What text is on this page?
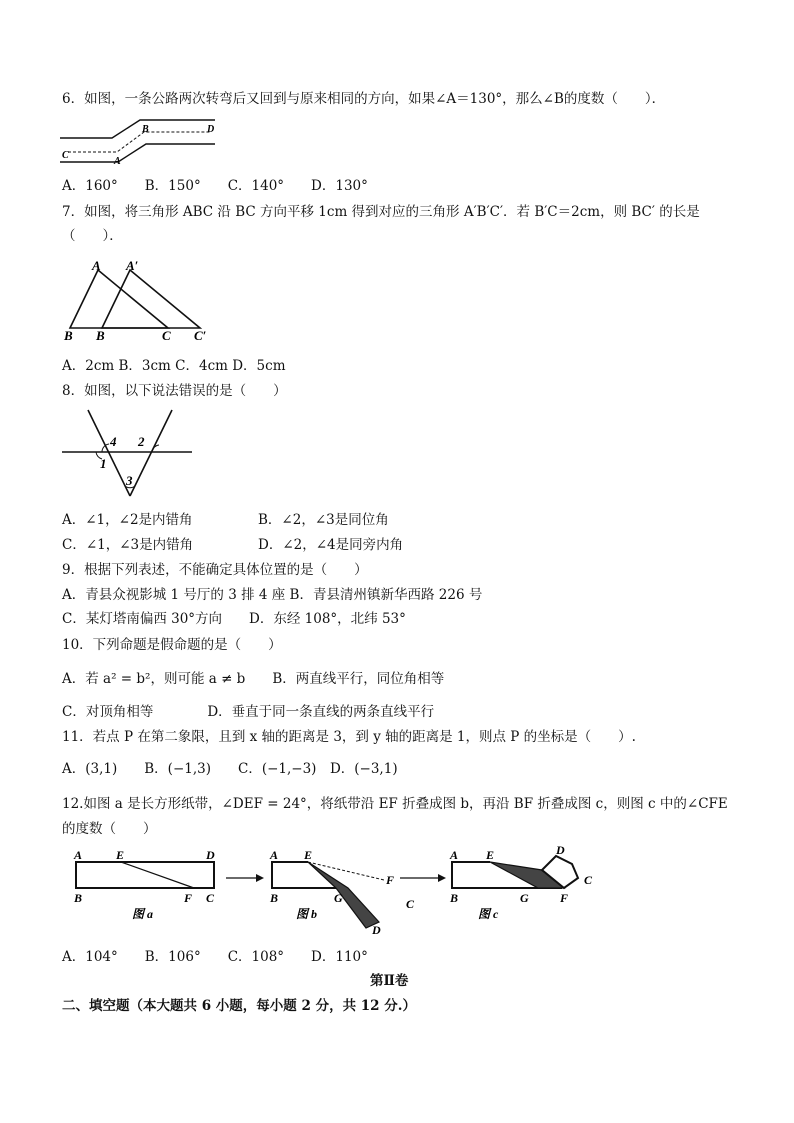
6．如图，一条公路两次转弯后又回到与原来相同的方向，如果∠A＝130°，那么∠B的度数（　　）．
B	D
C
A
A．160°　　B．150°　　C．140°　　D．130°
7．如图，将三角形 ABC 沿 BC 方向平移 1cm 得到对应的三角形 A′B′C′．若 B′C＝2cm，则 BC′ 的长是
（　　）．
A A′
B B	C C′
A．2cm B．3cm C．4cm D．5cm
8．如图，以下说法错误的是（　　）
4 2
1
3
A．∠1，∠2是内错角	B．∠2，∠3是同位角
C．∠1，∠3是内错角	D．∠2，∠4是同旁内角
9．根据下列表述，不能确定具体位置的是（　　）
A．青县众视影城 1 号厅的 3 排 4 座 B．青县清州镇新华西路 226 号
C．某灯塔南偏西 30°方向　　D．东经 108°，北纬 53°
10．下列命题是假命题的是（　　）
A．若 a² = b²，则可能 a ≠ b　　B．两直线平行，同位角相等
C．对顶角相等　　　　D．垂直于同一条直线的两条直线平行
11．若点 P 在第二象限，且到 x 轴的距离是 3，到 y 轴的距离是 1，则点 P 的坐标是（　　）.
A．(3,1)　　B．(−1,3)　　C．(−1,−3)　D．(−3,1)
12.如图 a 是长方形纸带，∠DEF = 24°，将纸带沿 EF 折叠成图 b，再沿 BF 折叠成图 c，则图 c 中的∠CFE
的度数（　　）
A	E	D
B	F C
图 a
A E
F
B	G	C
D
图 b
A E	D
C
B	G	F
图 c
A．104°　　B．106°　　C．108°　　D．110°
第Ⅱ卷
二、填空题（本大题共 6 小题，每小题 2 分，共 12 分.）
